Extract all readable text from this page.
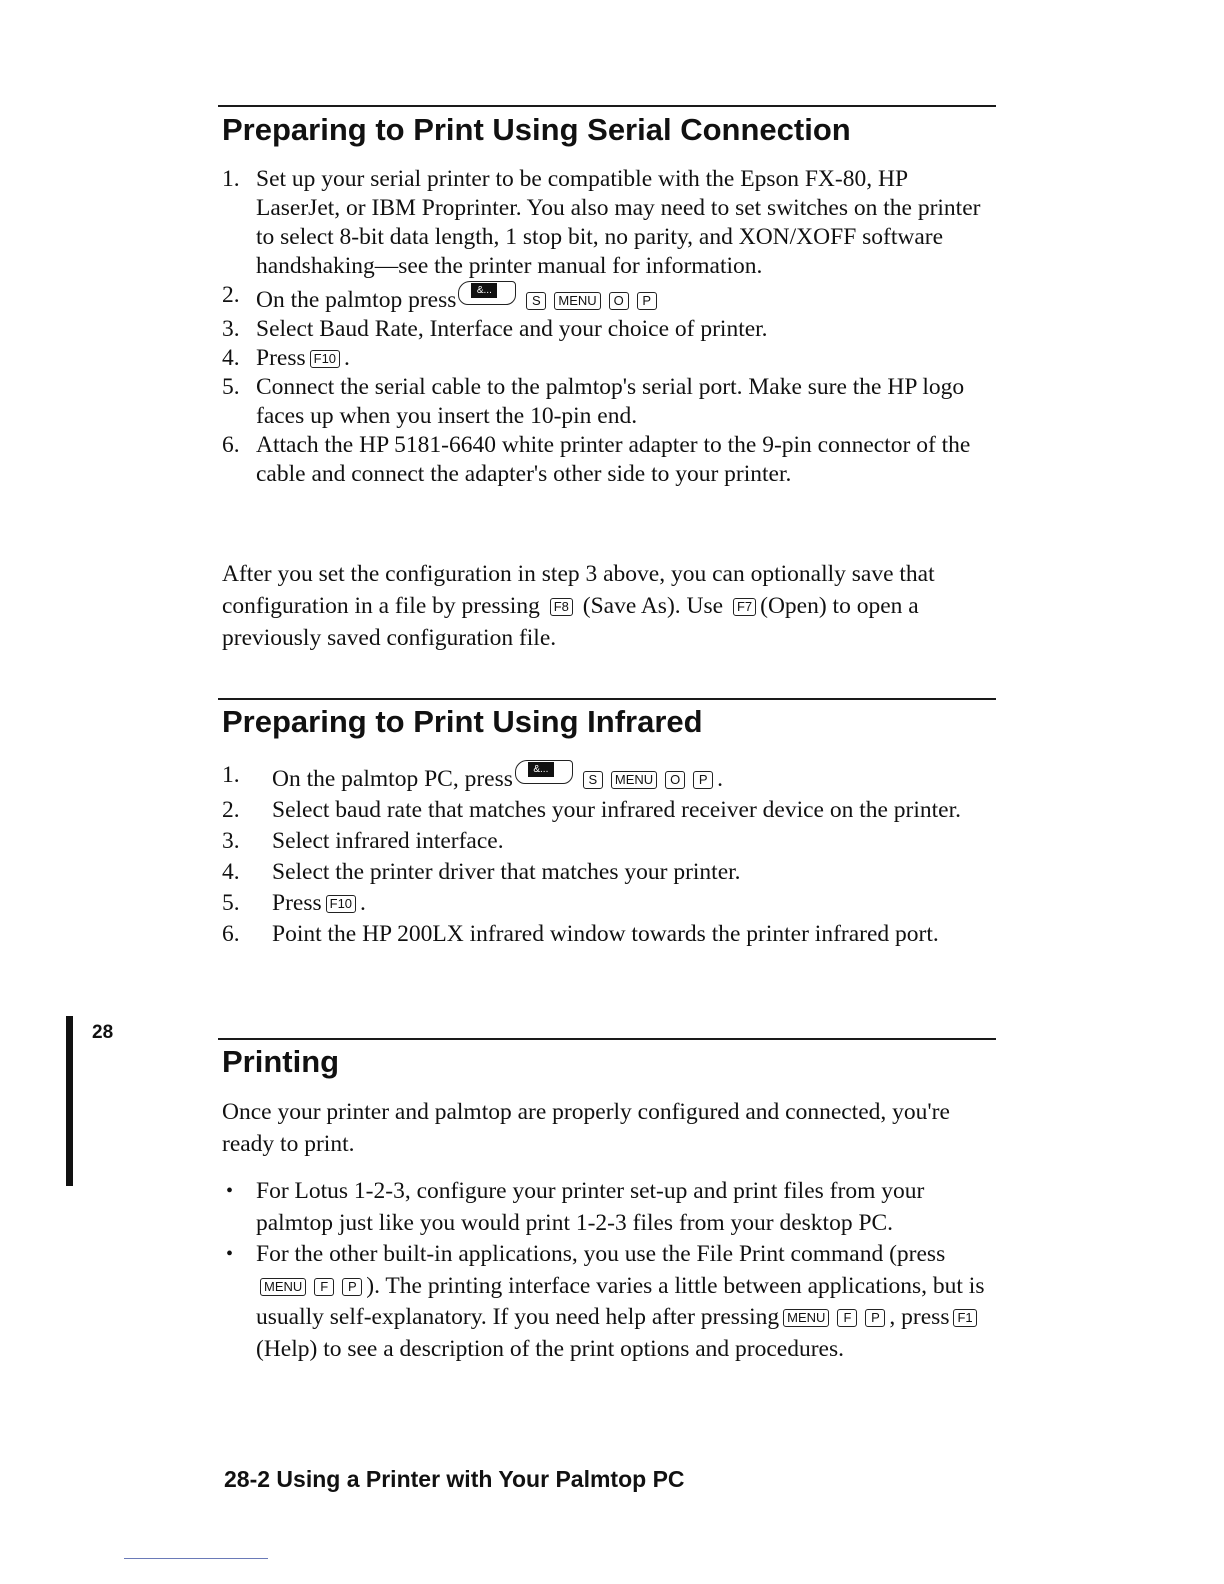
Preparing to Print Using Serial Connection
1. Set up your serial printer to be compatible with the Epson FX-80, HP LaserJet, or IBM Proprinter. You also may need to set switches on the printer to select 8-bit data length, 1 stop bit, no parity, and XON/XOFF software handshaking—see the printer manual for information.
2. On the palmtop press	&...
S MENU O P
3. Select Baud Rate, Interface and your choice of printer.
4. Press F10 .
5. Connect the serial cable to the palmtop's serial port. Make sure the HP logo faces up when you insert the 10-pin end.
6. Attach the HP 5181-6640 white printer adapter to the 9-pin connector of the cable and connect the adapter's other side to your printer.

After you set the configuration in step 3 above, you can optionally save that configuration in a file by pressing F8 (Save As). Use F7 (Open) to open a previously saved configuration file.

Preparing to Print Using Infrared
1. On the palmtop PC, press	&...
S MENU O P .
2. Select baud rate that matches your infrared receiver device on the printer.
3. Select infrared interface.
4. Select the printer driver that matches your printer.
5. Press F10 .
6. Point the HP 200LX infrared window towards the printer infrared port.
Printing

Once your printer and palmtop are properly configured and connected, you're ready to print.

• For Lotus 1-2-3, configure your printer set-up and print files from your palmtop just like you would print 1-2-3 files from your desktop PC.
• For the other built-in applications, you use the File Print command (pressMENU F P ). The printing interface varies a little between applications, but is usually self-explanatory. If you need help after pressing MENU F P , press F1(Help) to see a description of the print options and procedures.
28
28-2 Using a Printer with Your Palmtop PC
